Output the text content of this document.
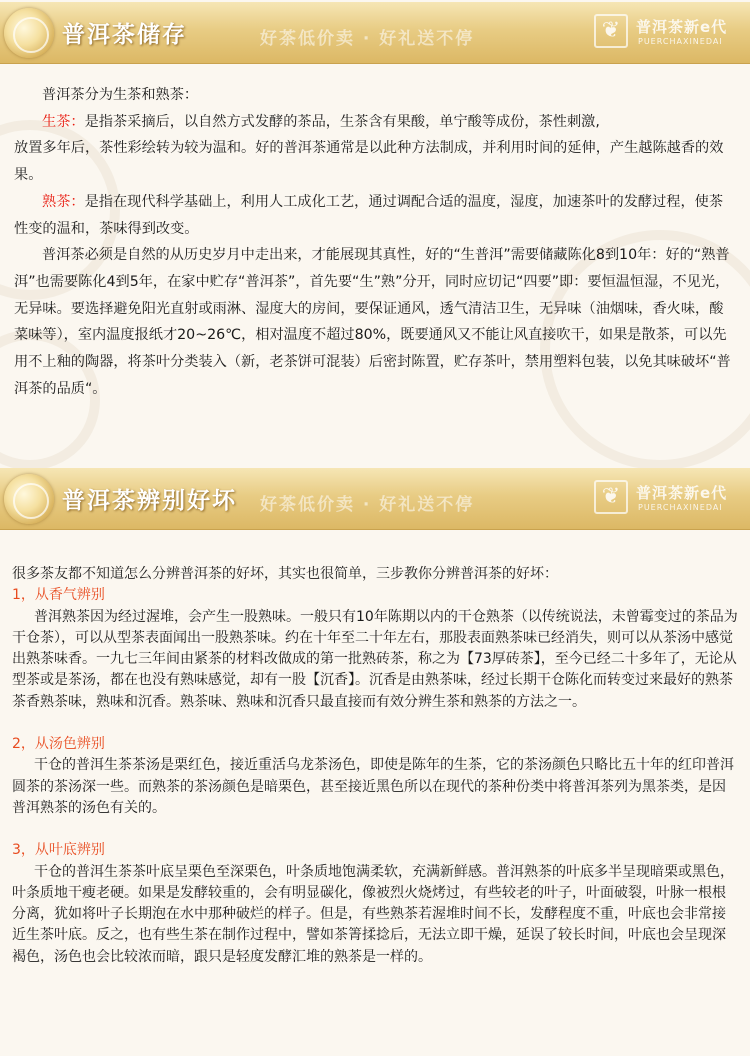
普洱茶储存	好茶低价卖 · 好礼送不停	❦	普洱茶新e代
PUERCHAXINEDAI

普洱茶分为生茶和熟茶：

生茶：是指茶采摘后，以自然方式发酵的茶品，生茶含有果酸，单宁酸等成份，茶性刺激,

放置多年后，茶性彩绘转为较为温和。好的普洱茶通常是以此种方法制成，并利用时间的延伸，产生越陈越香的效果。

熟茶：是指在现代科学基础上，利用人工成化工艺，通过调配合适的温度，湿度，加速茶叶的发酵过程，使茶性变的温和，茶味得到改变。

普洱茶必须是自然的从历史岁月中走出来，才能展现其真性，好的“生普洱”需要储藏陈化8到10年：好的“熟普洱”也需要陈化4到5年，在家中贮存“普洱茶”，首先要“生”熟”分开，同时应切记“四要”即：要恒温恒湿，不见光，无异味。要选择避免阳光直射或雨淋、湿度大的房间，要保证通风，透气清洁卫生，无异味（油烟味，香火味，酸菜味等），室内温度报纸才20~26℃，相对温度不超过80%，既要通风又不能让风直接吹干，如果是散茶，可以先用不上釉的陶器，将茶叶分类装入（新，老茶饼可混装）后密封陈置，贮存茶叶，禁用塑料包装，以免其味破坏“普洱茶的品质“。

普洱茶辨别好坏 好茶低价卖 · 好礼送不停	❦	普洱茶新e代
PUERCHAXINEDAI

很多茶友都不知道怎么分辨普洱茶的好坏，其实也很简单，三步教你分辨普洱茶的好坏：

1，从香气辨别

普洱熟茶因为经过渥堆，会产生一股熟味。一般只有10年陈期以内的干仓熟茶（以传统说法，未曾霉变过的茶品为干仓茶），可以从型茶表面闻出一股熟茶味。约在十年至二十年左右，那股表面熟茶味已经消失，则可以从茶汤中感觉出熟茶味香。一九七三年间由紧茶的材料改做成的第一批熟砖茶，称之为【73厚砖茶】，至今已经二十多年了，无论从型茶或是茶汤，都在也没有熟味感觉，却有一股【沉香】。沉香是由熟茶味，经过长期干仓陈化而转变过来最好的熟茶茶香熟茶味，熟味和沉香。熟茶味、熟味和沉香只最直接而有效分辨生茶和熟茶的方法之一。

2，从汤色辨别

干仓的普洱生茶茶汤是栗红色，接近重活乌龙茶汤色，即使是陈年的生茶，它的茶汤颜色只略比五十年的红印普洱圆茶的茶汤深一些。而熟茶的茶汤颜色是暗栗色，甚至接近黑色所以在现代的茶种份类中将普洱茶列为黑茶类，是因普洱熟茶的汤色有关的。

3，从叶底辨别

干仓的普洱生茶茶叶底呈栗色至深栗色，叶条质地饱满柔软，充满新鲜感。普洱熟茶的叶底多半呈现暗栗或黑色，叶条质地干瘦老硬。如果是发酵较重的，会有明显碳化，像被烈火烧烤过，有些较老的叶子，叶面破裂，叶脉一根根分离，犹如将叶子长期泡在水中那种破烂的样子。但是，有些熟茶若渥堆时间不长，发酵程度不重，叶底也会非常接近生茶叶底。反之，也有些生茶在制作过程中，譬如茶箐揉捻后，无法立即干燥，延误了较长时间，叶底也会呈现深褐色，汤色也会比较浓而暗，跟只是轻度发酵汇堆的熟茶是一样的。
